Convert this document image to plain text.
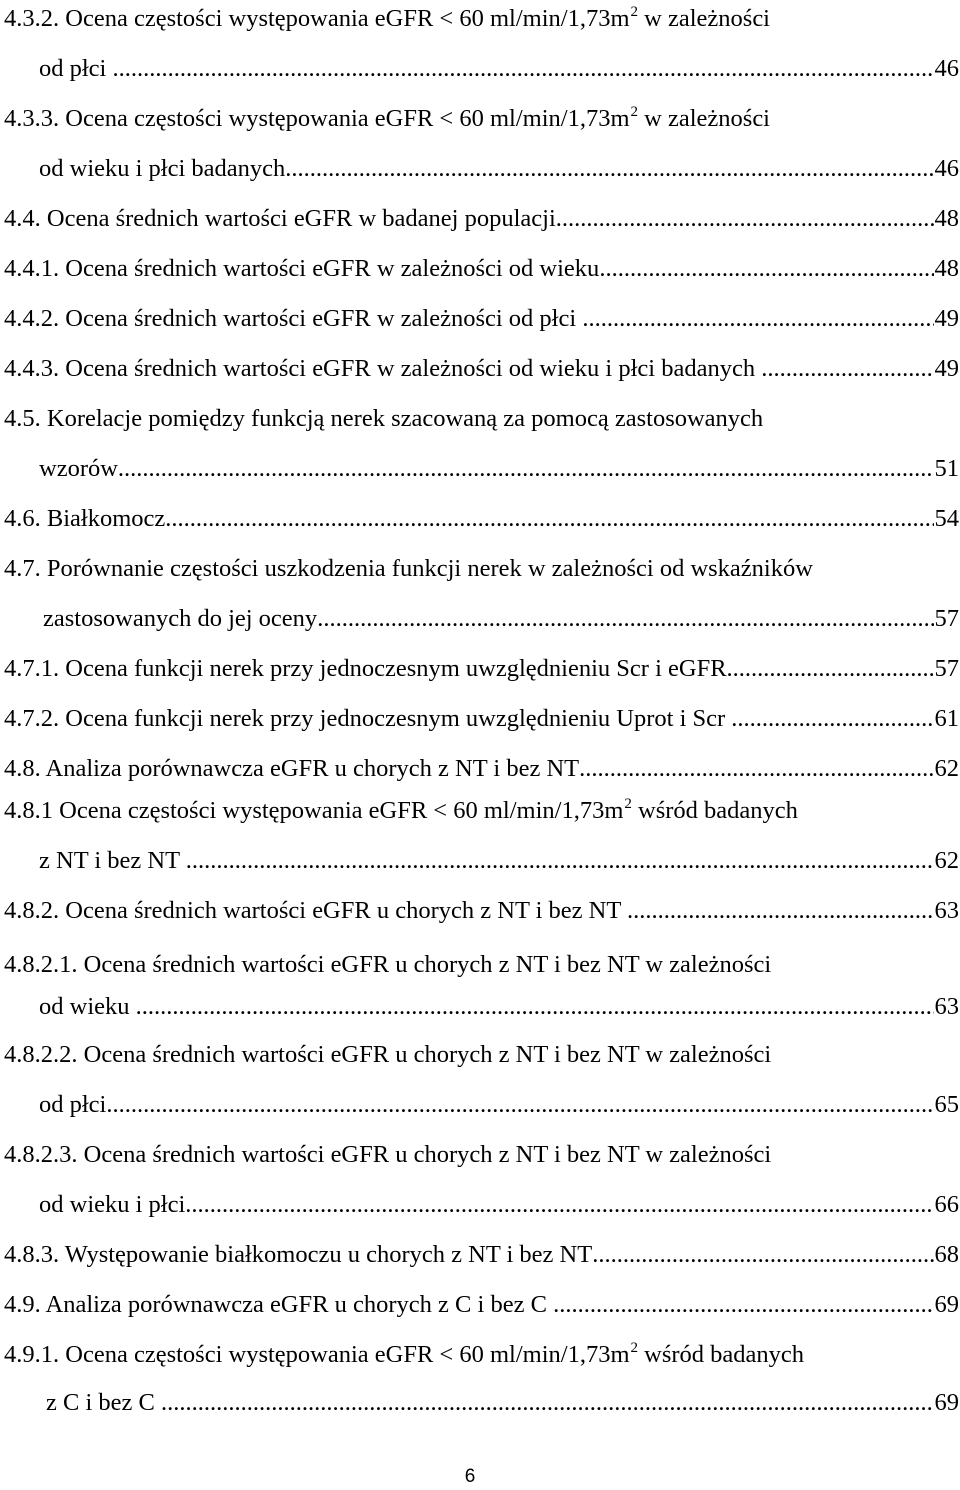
4.3.2. Ocena częstości występowania eGFR < 60 $ml/\min/1,73m^2$ w zależności
od płci .....	46
4.3.3. Ocena częstości występowania eGFR < 60 $ml/\min/1,73m^2$ w zależności
od wieku i płci badanych .....	46
4.4. Ocena średnich wartości eGFR w badanej populacji .....	48
4.4.1. Ocena średnich wartości eGFR w zależności od wieku .....	48
4.4.2. Ocena średnich wartości eGFR w zależności od płci .....	49
4.4.3. Ocena średnich wartości eGFR w zależności od wieku i płci badanych .....	49
4.5. Korelacje pomiędzy funkcją nerek szacowaną za pomocą zastosowanych
wzorów .....	51
4.6. Białkomocz .....	54
4.7. Porównanie częstości uszkodzenia funkcji nerek w zależności od wskaźników
zastosowanych do jej oceny .....	57
4.7.1. Ocena funkcji nerek przy jednoczesnym uwzględnieniu Scr i eGFR .....	57
4.7.2. Ocena funkcji nerek przy jednoczesnym uwzględnieniu Uprot i Scr .....	61
4.8. Analiza porównawcza eGFR u chorych z NT i bez NT .....	62
4.8.1 Ocena częstości występowania eGFR < 60 $ml/\min/1,73m^2$ wśród badanych
z NT i bez NT .....	62
4.8.2. Ocena średnich wartości eGFR u chorych z NT i bez NT .....	63
4.8.2.1. Ocena średnich wartości eGFR u chorych z NT i bez NT w zależności
od wieku .....	63
4.8.2.2. Ocena średnich wartości eGFR u chorych z NT i bez NT w zależności
od płci .....	65
4.8.2.3. Ocena średnich wartości eGFR u chorych z NT i bez NT w zależności
od wieku i płci .....	66
4.8.3. Występowanie białkomoczu u chorych z NT i bez NT .....	68
4.9. Analiza porównawcza eGFR u chorych z C i bez C .....	69
4.9.1. Ocena częstości występowania eGFR < 60 $ml/\min/1,73m^2$ wśród badanych
z C i bez C .....	69
6
